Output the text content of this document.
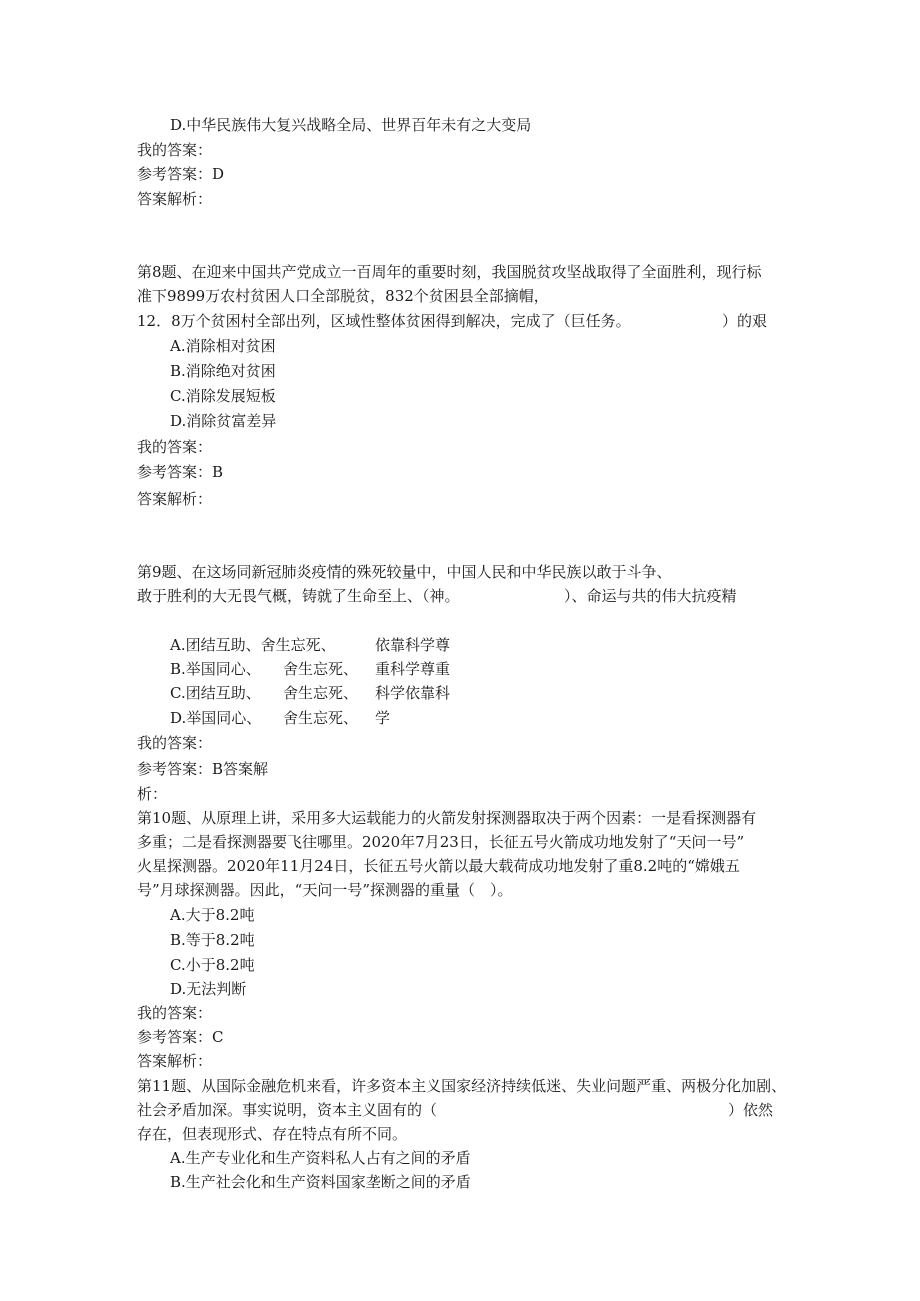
D.中华民族伟大复兴战略全局、世界百年未有之大变局
我的答案：
参考答案：D
答案解析：
第8题、在迎来中国共产党成立一百周年的重要时刻，我国脱贫攻坚战取得了全面胜利，现行标
准下9899万农村贫困人口全部脱贫，832个贫困县全部摘帽，
12．8万个贫困村全部出列，区域性整体贫困得到解决，完成了（巨任务。	）的艰
A.消除相对贫困
B.消除绝对贫困
C.消除发展短板
D.消除贫富差异
我的答案：
参考答案：B
答案解析：
第9题、在这场同新冠肺炎疫情的殊死较量中，中国人民和中华民族以敢于斗争、
敢于胜利的大无畏气概，铸就了生命至上、（神。	）、命运与共的伟大抗疫精
A.团结互助、舍生忘死、	依靠科学尊
B.举国同心、 舍生忘死、 重科学尊重
C.团结互助、 舍生忘死、 科学依靠科
D.举国同心、 舍生忘死、 学
我的答案：
参考答案：B答案解
析：
第10题、从原理上讲，采用多大运载能力的火箭发射探测器取决于两个因素：一是看探测器有
多重；二是看探测器要飞往哪里。2020年7月23日，长征五号火箭成功地发射了“天问一号”
火星探测器。2020年11月24日，长征五号火箭以最大载荷成功地发射了重8.2吨的“嫦娥五
号”月球探测器。因此，“天问一号”探测器的重量（　）。
A.大于8.2吨
B.等于8.2吨
C.小于8.2吨
D.无法判断
我的答案：
参考答案：C
答案解析：
第11题、从国际金融危机来看，许多资本主义国家经济持续低迷、失业问题严重、两极分化加剧、
社会矛盾加深。事实说明，资本主义固有的（	）依然
存在，但表现形式、存在特点有所不同。
A.生产专业化和生产资料私人占有之间的矛盾
B.生产社会化和生产资料国家垄断之间的矛盾
